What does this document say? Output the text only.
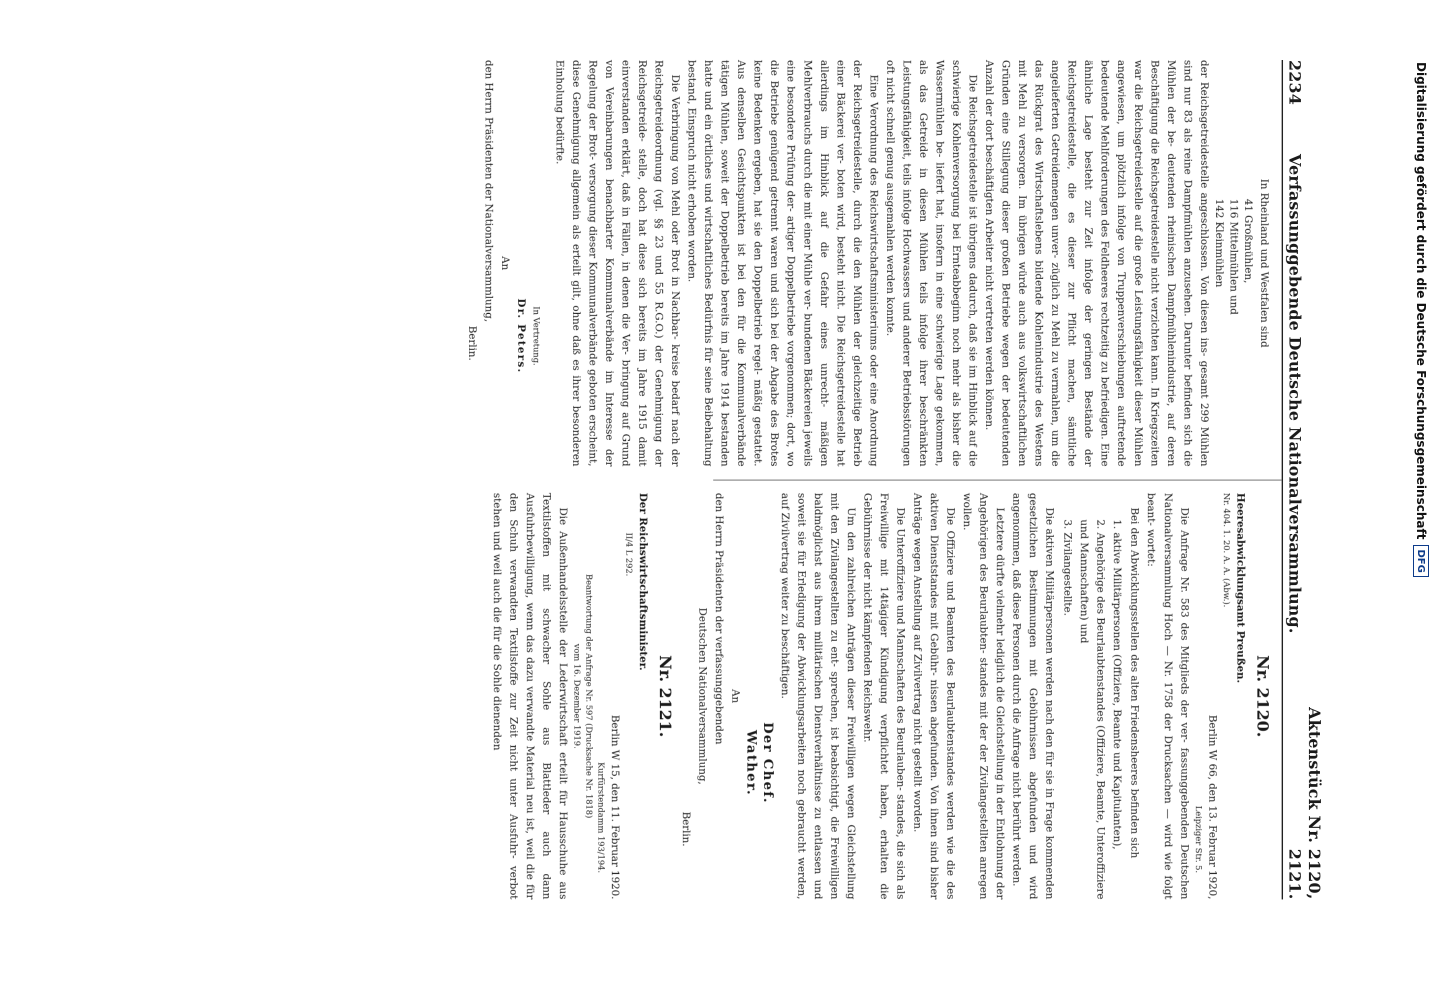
Digitalisierung gefördert durch die Deutsche Forschungsgemeinschaft
DFG
2234
Verfassunggebende Deutsche Nationalversammlung.
Aktenstück Nr. 2120, 2121.

In Rheinland und Westfalen sind

41 Großmühlen,
116 Mittelmühlen und
142 Kleinmühlen

der Reichsgetreidestelle angeschlossen. Von diesen ins- gesamt 299 Mühlen sind nur 83 als reine Dampfmühlen anzusehen. Darunter befinden sich die Mühlen der be- deutenden rheinischen Dampfmühlenindustrie, auf deren Beschäftigung die Reichsgetreidestelle nicht verzichten kann. In Kriegszeiten war die Reichsgetreidestelle auf die große Leistungsfähigkeit dieser Mühlen angewiesen, um plötzlich infolge von Truppenverschiebungen auftretende bedeutende Mehlforderungen des Feldheeres rechtzeitig zu befriedigen. Eine ähnliche Lage besteht zur Zeit infolge der geringen Bestände der Reichsgetreidestelle, die es dieser zur Pflicht machen, sämtliche angelieferten Getreidemengen unver- züglich zu Mehl zu vermahlen, um die das Rückgrat des Wirtschaftslebens bildende Kohlenindustrie des Westens mit Mehl zu versorgen. Im übrigen würde auch aus volkswirtschaftlichen Gründen eine Stillegung dieser großen Betriebe wegen der bedeutenden Anzahl der dort beschäftigten Arbeiter nicht vertreten werden können.

Die Reichsgetreidestelle ist übrigens dadurch, daß sie im Hinblick auf die schwierige Kohlenversorgung bei Ernteabbeginn noch mehr als bisher die Wassermühlen be- liefert hat, insofern in eine schwierige Lage gekommen, als das Getreide in diesen Mühlen teils infolge ihrer beschränkten Leistungsfähigkeit, teils infolge Hochwassers und anderer Betriebsstörungen oft nicht schnell genug ausgemahlen werden konnte.

Eine Verordnung des Reichswirtschaftsministeriums oder eine Anordnung der Reichsgetreidestelle, durch die den Mühlen der gleichzeitige Betrieb einer Bäckerei ver- boten wird, besteht nicht. Die Reichsgetreidestelle hat allerdings im Hinblick auf die Gefahr eines unrecht- mäßigen Mehlverbrauchs durch die mit einer Mühle ver- bundenen Bäckereien jeweils eine besondere Prüfung der- artiger Doppelbetriebe vorgenommen; dort, wo die Betriebe genügend getrennt waren und sich bei der Abgabe des Brotes keine Bedenken ergeben, hat sie den Doppelbetrieb regel- mäßig gestattet. Aus denselben Gesichtspunkten ist bei den für die Kommunalverbände tätigen Mühlen, soweit der Doppelbetrieb bereits im Jahre 1914 bestanden hatte und ein örtliches und wirtschaftliches Bedürfnis für seine Beibehaltung bestand, Einspruch nicht erhoben worden.

Die Verbringung von Mehl oder Brot in Nachbar- kreise bedarf nach der Reichsgetreideordnung (vgl. §§ 23 und 55 R.G.O.) der Genehmigung der Reichsgetreide- stelle, doch hat diese sich bereits im Jahre 1915 damit einverstanden erklärt, daß in Fällen, in denen die Ver- bringung auf Grund von Vereinbarungen benachbarter Kommunalverbände im Interesse der Regelung der Brot- versorgung dieser Kommunalverbände geboten erscheint, diese Genehmigung allgemein als erteilt gilt, ohne daß es ihrer besonderen Einholung bedürfte.

In Vertretung.

Dr. Peters.

An

den Herrn Präsidenten der Nationalversammlung,

Berlin.

Nr. 2120.

Heeresabwicklungsamt Preußen.

Nr. 404. 1. 20. A. A. (Abw.).

Berlin W 66, den 13. Februar 1920,

Leipziger Str. 5.

Die Anfrage Nr. 583 des Mitglieds der ver- fassunggebenden Deutschen Nationalversammlung Hoch — Nr. 1758 der Drucksachen — wird wie folgt beant- wortet:

Bei den Abwicklungsstellen des alten Friedensheeres befinden sich

1. aktive Militärpersonen (Offiziere, Beamte und Kapitulanten),
2. Angehörige des Beurlaubtenstandes (Offiziere, Beamte, Unteroffiziere und Mannschaften) und
3. Zivilangestellte.

Die aktiven Militärpersonen werden nach den für sie in Frage kommenden gesetzlichen Bestimmungen mit Gebührnissen abgefunden und wird angenommen, daß diese Personen durch die Anfrage nicht berührt werden.

Letztere dürfte vielmehr lediglich die Gleichstellung in der Entlohnung der Angehörigen des Beurlaubten- standes mit der der Zivilangestellten anregen wollen.

Die Offiziere und Beamten des Beurlaubtenstandes werden wie die des aktiven Dienststandes mit Gebühr- nissen abgefunden. Von ihnen sind bisher Anträge wegen Anstellung auf Zivilvertrag nicht gestellt worden.

Die Unteroffiziere und Mannschaften des Beurlauben- standes, die sich als Freiwillige mit 14tägiger Kündigung verpflichtet haben, erhalten die Gebührnisse der nicht kämpfenden Reichswehr.

Um den zahlreichen Anträgen dieser Freiwilligen wegen Gleichstellung mit den Zivilangestellten zu ent- sprechen, ist beabsichtigt, die Freiwilligen baldmöglichst aus ihrem militärischen Dienstverhältnisse zu entlassen und soweit sie für Erledigung der Abwicklungsarbeiten noch gebraucht werden, auf Zivilvertrag weiter zu beschäftigen.

Der Chef.

Wather.

An

den Herrn Präsidenten der verfassunggebenden

Deutschen Nationalversammlung,

Berlin.

Nr. 2121.

Der Reichswirtschaftsminister.

II/4 L 292.

Berlin W 15, den 11. Februar 1920.

Kurfürstendamm 193/194.

Beantwortung der Anfrage Nr. 597 (Drucksache Nr. 1818)

vom 16. Dezember 1919.

Die Außenhandelsstelle der Lederwirtschaft erteilt für Hausschuhe aus Textilstoffen mit schwacher Sohle aus Blattleder auch dann Ausfuhrbewilligung, wenn das dazu verwandte Material neu ist, weil die für den Schuh verwandten Textilstoffe zur Zeit nicht unter Ausfuhr- verbot stehen und weil auch die für die Sohle dienenden
